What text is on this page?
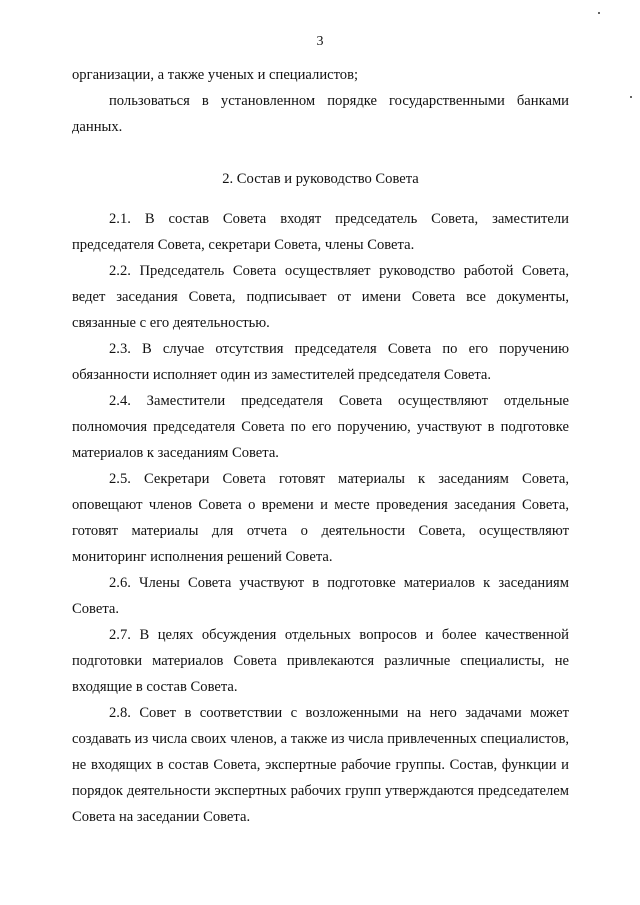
3

организации, а также ученых и специалистов;

пользоваться в установленном порядке государственными банками данных.

2. Состав и руководство Совета

2.1. В состав Совета входят председатель Совета, заместители председателя Совета, секретари Совета, члены Совета.

2.2. Председатель Совета осуществляет руководство работой Совета, ведет заседания Совета, подписывает от имени Совета все документы, связанные с его деятельностью.

2.3. В случае отсутствия председателя Совета по его поручению обязанности исполняет один из заместителей председателя Совета.

2.4. Заместители председателя Совета осуществляют отдельные полномочия председателя Совета по его поручению, участвуют в подготовке материалов к заседаниям Совета.

2.5. Секретари Совета готовят материалы к заседаниям Совета, оповещают членов Совета о времени и месте проведения заседания Совета, готовят материалы для отчета о деятельности Совета, осуществляют мониторинг исполнения решений Совета.

2.6. Члены Совета участвуют в подготовке материалов к заседаниям Совета.

2.7. В целях обсуждения отдельных вопросов и более качественной подготовки материалов Совета привлекаются различные специалисты, не входящие в состав Совета.

2.8. Совет в соответствии с возложенными на него задачами может создавать из числа своих членов, а также из числа привлеченных специалистов, не входящих в состав Совета, экспертные рабочие группы. Состав, функции и порядок деятельности экспертных рабочих групп утверждаются председателем Совета на заседании Совета.
